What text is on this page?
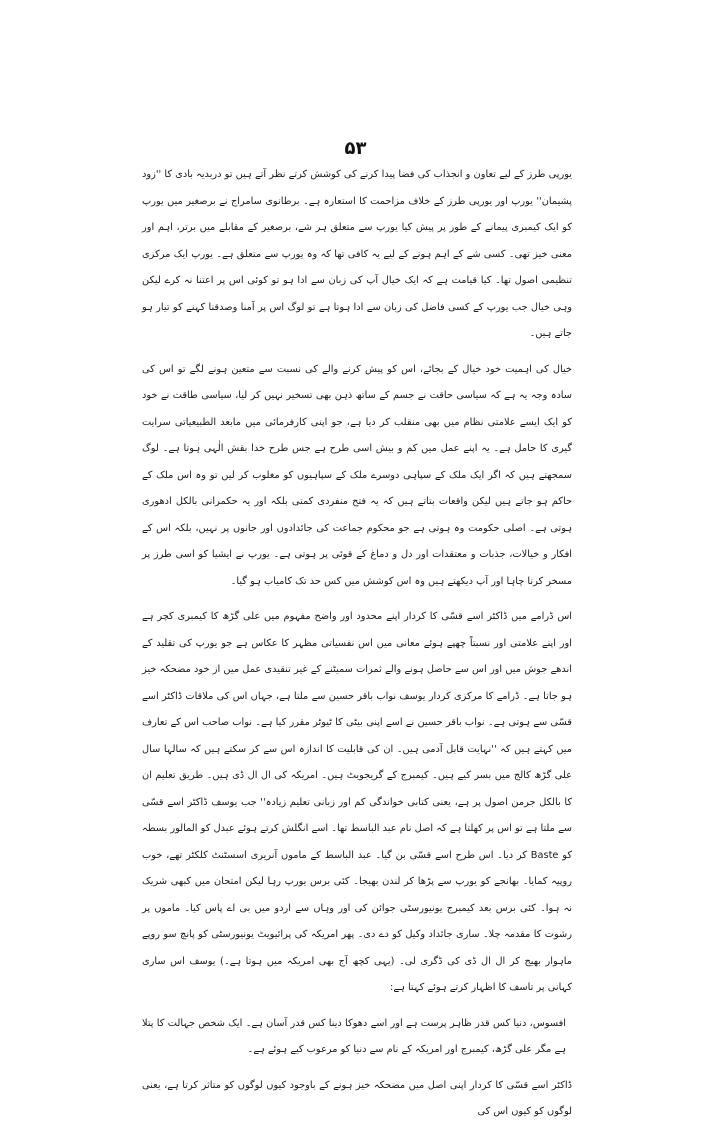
۵۳

یورپی طرز کے لیے تعاون و انجذاب کی فضا پیدا کرنے کی کوشش کرتے نظر آتے ہیں تو دربدیہ بادی کا ''زود پشیمان'' یورپ اور یورپی طرز کے خلاف مزاحمت کا استعارہ ہے۔ برطانوی سامراج نے برصغیر میں یورپ کو ایک کیمبری پیمانے کے طور پر پیش کیا یورپ سے متعلق ہر شے، برصغیر کے مقابلے میں برتر، اہم اور معنی خیز تھی۔ کسی شے کے اہم ہونے کے لیے یہ کافی تھا کہ وہ یورپ سے متعلق ہے۔ یورپ ایک مرکزی تنظیمی اصول تھا۔ کیا قیامت ہے کہ ایک خیال آپ کی زبان سے ادا ہو تو کوئی اس پر اعتنا نہ کرے لیکن وہی خیال جب یورپ کے کسی فاضل کی زبان سے ادا ہوتا ہے تو لوگ اس پر آمنا وصدقنا کہنے کو تیار ہو جاتے ہیں۔

خیال کی اہمیت خود خیال کے بجائے، اس کو پیش کرنے والے کی نسبت سے متعین ہونے لگے تو اس کی سادہ وجہ یہ ہے کہ سیاسی حاقت نے جسم کے ساتھ ذہن بھی تسخیر نہیں کر لیا، سیاسی طاقت نے خود کو ایک ایسے علامتی نظام میں بھی منقلب کر دیا ہے، جو اپنی کارفرمائی میں مابعد الطبیعیاتی سرایت گیری کا حامل ہے۔ یہ اپنے عمل میں کم و بیش اسی طرح ہے جس طرح خدا بقش الٰہی ہوتا ہے۔ لوگ سمجھتے ہیں کہ اگر ایک ملک کے سپاہی دوسرے ملک کے سپاہیوں کو مغلوب کر لیں تو وہ اس ملک کے حاکم ہو جاتے ہیں لیکن واقعات بتاتے ہیں کہ یہ فتح منفردی کمتی بلکہ اور یہ حکمرانی بالکل ادھوری ہوتی ہے۔ اصلی حکومت وہ ہوتی ہے جو محکوم جماعت کی جائدادوں اور جانوں پر نہیں، بلکہ اس کے افکار و خیالات، جذبات و معتقدات اور دل و دماغ کے قوئی پر ہوتی ہے۔ یورپ نے ایشیا کو اسی طرز پر مسخر کرنا چاہا اور آپ دیکھتے ہیں وہ اس کوشش میں کس حد تک کامیاب ہو گیا۔

اس ڈرامے میں ڈاکٹر اسے قسّی کا کردار اپنے محدود اور واضح مفہوم میں علی گڑھ کا کیمبری کچر ہے اور اپنے علامتی اور نسبتاً چھپے ہوئے معانی میں اس نفسیاتی مظہر کا عکاس ہے جو یورپ کی تقلید کے اندھے جوش میں اور اس سے حاصل ہونے والے ثمرات سمیٹنے کے غیر تنقیدی عمل میں از خود مضحکہ خیز ہو جاتا ہے۔ ڈرامے کا مرکزی کردار یوسف نواب باقر حسین سے ملتا ہے، جہاں اس کی ملاقات ڈاکٹر اسے قسّی سے ہوتی ہے۔ نواب باقر حسین نے اسے اپنی بیٹی کا ٹیوٹر مقرر کیا ہے۔ نواب صاحب اس کے تعارف میں کہتے ہیں کہ ''نہایت قابل آدمی ہیں۔ ان کی قابلیت کا اندازہ اس سے کر سکتے ہیں کہ سالہا سال علی گڑھ کالج میں بسر کیے ہیں۔ کیمبرج کے گریجویٹ ہیں۔ امریکہ کی ال ال ڈی ہیں۔ طریق تعلیم ان کا بالکل جرمن اصول پر ہے، یعنی کتابی خواندگی کم اور زبانی تعلیم زیادہ'' جب یوسف ڈاکٹر اسے قسّی سے ملتا ہے تو اس پر کھلتا ہے کہ اصل نام عبد الباسط تھا۔ اسے انگلش کرتے ہوئے عبدل کو المالور بسطہ کو Baste کر دیا۔ اس طرح اسے قسّی بن گیا۔ عبد الباسط کے ماموں آنریری اسسٹنٹ کلکٹر تھے، خوب روپیہ کمایا۔ بھانجے کو یورپ سے پڑھا کر لندن بھیجا۔ کئی برس یورپ رہا لیکن امتحان میں کبھی شریک نہ ہوا۔ کئی برس بعد کیمبرج یونیورسٹی جوائن کی اور وہاں سے اردو میں بی اے پاس کیا۔ ماموں پر رشوت کا مقدمہ چلا۔ ساری جائداد وکیل کو دے دی۔ پھر امریکہ کی پرائیویٹ یونیورسٹی کو پانچ سو روپے ماہوار بھیج کر ال ال ڈی کی ڈگری لی۔ (یہی کچھ آج بھی امریکہ میں ہوتا ہے۔) یوسف اس ساری کہانی پر تاسف کا اظہار کرتے ہوئے کہتا ہے:

افسوس، دنیا کس قدر ظاہر پرست ہے اور اسے دھوکا دینا کس قدر آسان ہے۔ ایک شخص جہالت کا پتلا ہے مگر علی گڑھ، کیمبرج اور امریکہ کے نام سے دنیا کو مرعوب کیے ہوئے ہے۔

ڈاکٹر اسے قسّی کا کردار اپنی اصل میں مضحکہ خیز ہونے کے باوجود کیوں لوگوں کو متاثر کرتا ہے، یعنی لوگوں کو کیوں اس کی
